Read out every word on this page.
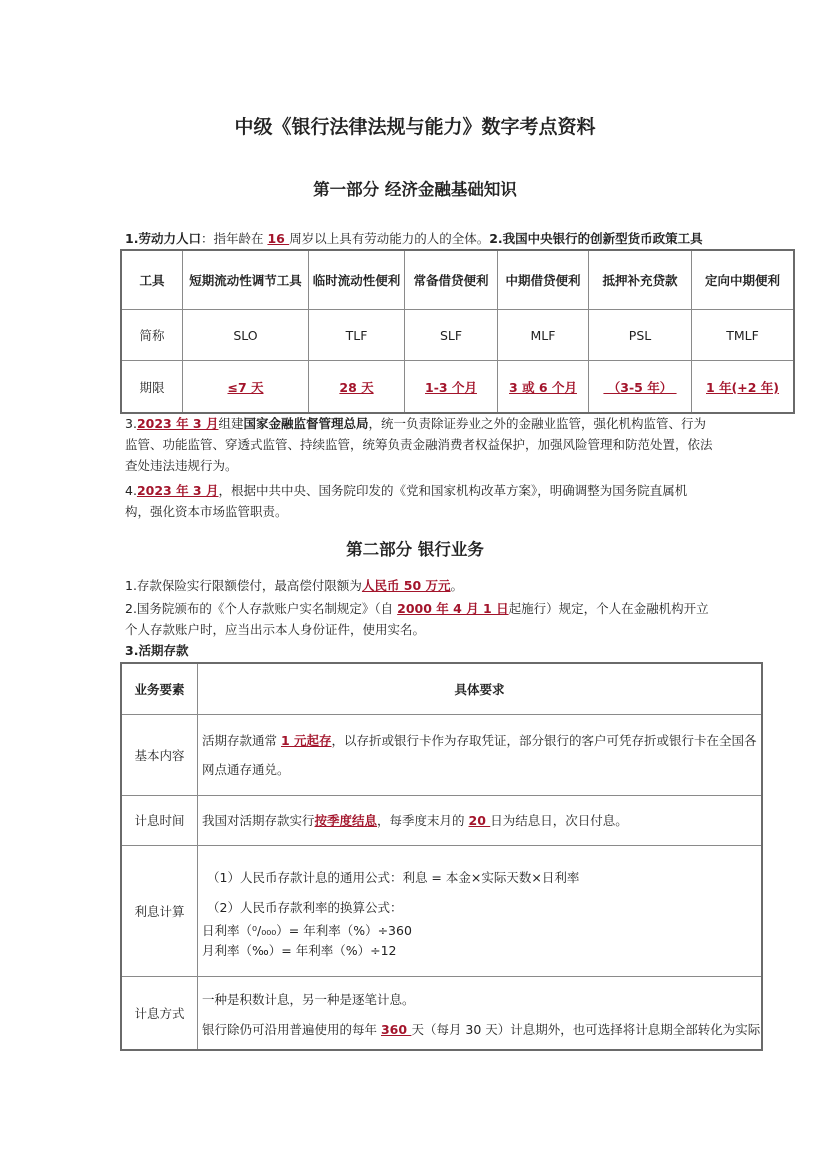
中级《银行法律法规与能力》数字考点资料
第一部分 经济金融基础知识
1.劳动力人口：指年龄在 16 周岁以上具有劳动能力的人的全体。2.我国中央银行的创新型货币政策工具
工具	短期流动性调节工具	临时流动性便利	常备借贷便利	中期借贷便利	抵押补充贷款	定向中期便利
简称	SLO	TLF	SLF	MLF	PSL	TMLF
期限	≤7 天	28 天	1-3 个月	3 或 6 个月	（3-5 年）	1 年(+2 年)
3.2023 年 3 月组建国家金融监督管理总局，统一负责除证券业之外的金融业监管，强化机构监管、行为监管、功能监管、穿透式监管、持续监管，统筹负责金融消费者权益保护，加强风险管理和防范处置，依法查处违法违规行为。
4.2023 年 3 月，根据中共中央、国务院印发的《党和国家机构改革方案》，明确调整为国务院直属机构，强化资本市场监管职责。
第二部分 银行业务
1.存款保险实行限额偿付，最高偿付限额为人民币 50 万元。
2.国务院颁布的《个人存款账户实名制规定》（自 2000 年 4 月 1 日起施行）规定，个人在金融机构开立个人存款账户时，应当出示本人身份证件，使用实名。
3.活期存款
业务要素	具体要求
基本内容	活期存款通常 1 元起存，以存折或银行卡作为存取凭证，部分银行的客户可凭存折或银行卡在全国各网点通存通兑。

计息时间	我国对活期存款实行按季度结息，每季度末月的 20 日为结息日，次日付息。
利息计算	（1）人民币存款计息的通用公式：利息 = 本金×实际天数×日利率
（2）人民币存款利率的换算公式：
日利率（⁰/₀₀₀）= 年利率（%）÷360
月利率（‰）= 年利率（%）÷12

计息方式	一种是积数计息，另一种是逐笔计息。
银行除仍可沿用普遍使用的每年 360 天（每月 30 天）计息期外，也可选择将计息期全部转化为实际
